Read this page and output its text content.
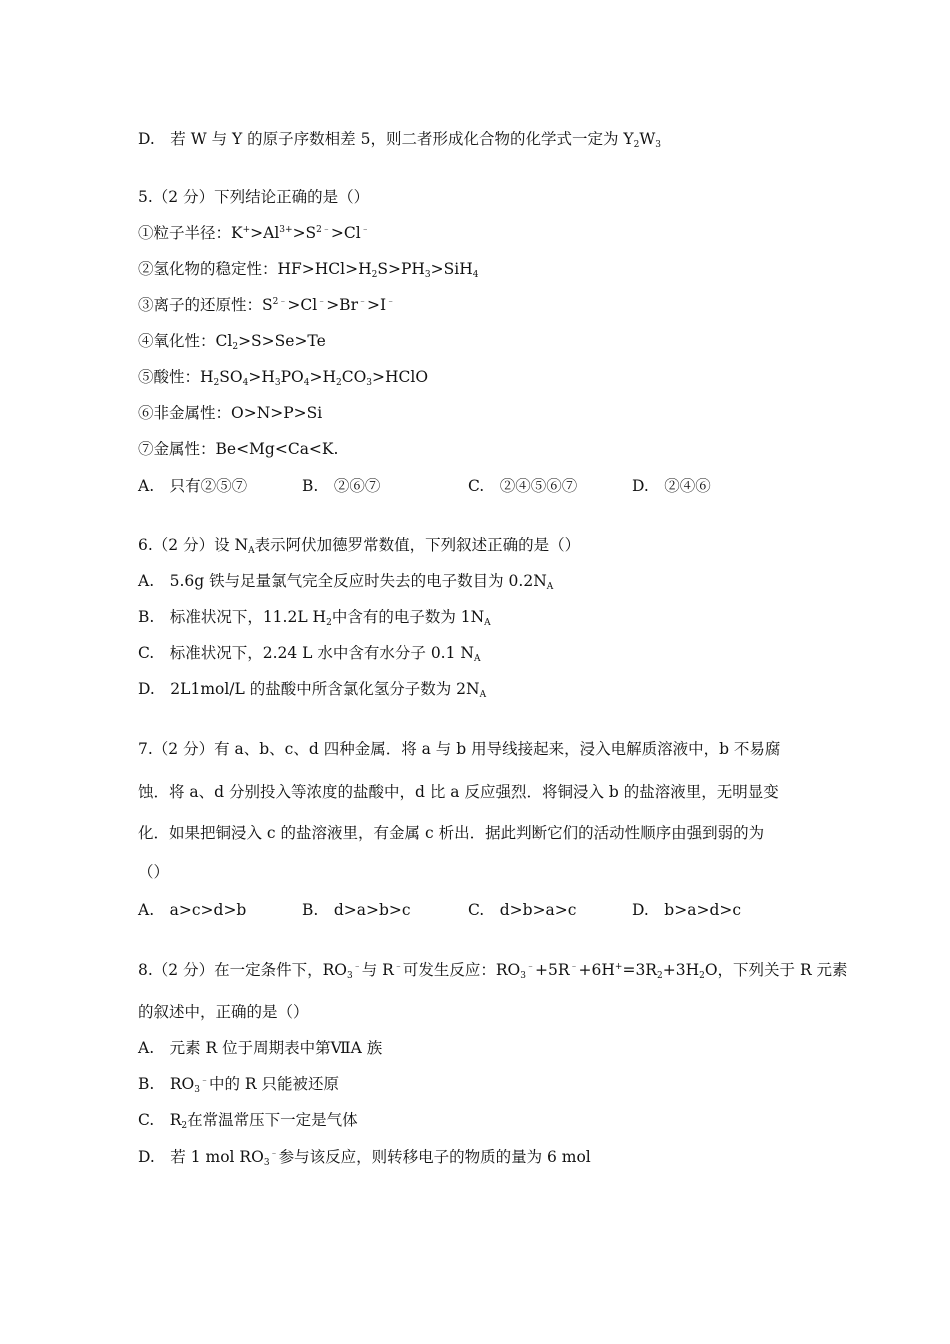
D.　若 W 与 Y 的原子序数相差 5，则二者形成化合物的化学式一定为 $Y_2W_3$
5.（2 分）下列结论正确的是（）
①粒子半径：$K^+>Al^{3+}>S^{2﹣}>Cl^﹣$
②氢化物的稳定性：$HF>HCl>H_2S>PH_3>SiH_4$
③离子的还原性：$S^{2﹣}>Cl^﹣>Br^﹣>I^﹣$
④氧化性：$Cl_2>S>Se>Te$
⑤酸性：$H_2SO_4>H_3PO_4>H_2CO_3>HClO$
⑥非金属性：O>N>P>Si
⑦金属性：Be<Mg<Ca<K.
A.　只有②⑤⑦	B.　②⑥⑦	C.　②④⑤⑥⑦	D.　②④⑥
6.（2 分）设 $N_A$表示阿伏加德罗常数值，下列叙述正确的是（）
A.　5.6g 铁与足量氯气完全反应时失去的电子数目为 $0.2N_A$
B.　标准状况下，11.2L $H_2$中含有的电子数为 $1N_A$
C.　标准状况下，2.24 L 水中含有水分子 0.1 $N_A$
D.　2L1mol/L 的盐酸中所含氯化氢分子数为 $2N_A$
7.（2 分）有 a、b、c、d 四种金属．将 a 与 b 用导线接起来，浸入电解质溶液中，b 不易腐
蚀．将 a、d 分别投入等浓度的盐酸中，d 比 a 反应强烈．将铜浸入 b 的盐溶液里，无明显变
化．如果把铜浸入 c 的盐溶液里，有金属 c 析出．据此判断它们的活动性顺序由强到弱的为
（）
A.　a>c>d>b	B.　d>a>b>c	C.　d>b>a>c	D.　b>a>d>c
8.（2 分）在一定条件下，$RO_3^﹣$与 R﹣可发生反应：$RO_3^﹣+5R^﹣+6H^+=3R_2+3H_2O$，下列关于 R 元素
的叙述中，正确的是（）
A.　元素 R 位于周期表中第ⅦA 族
B.　$RO_3^﹣$中的 R 只能被还原
C.　$R_2$在常温常压下一定是气体
D.　若 1 mol $RO_3^﹣$参与该反应，则转移电子的物质的量为 6 mol
